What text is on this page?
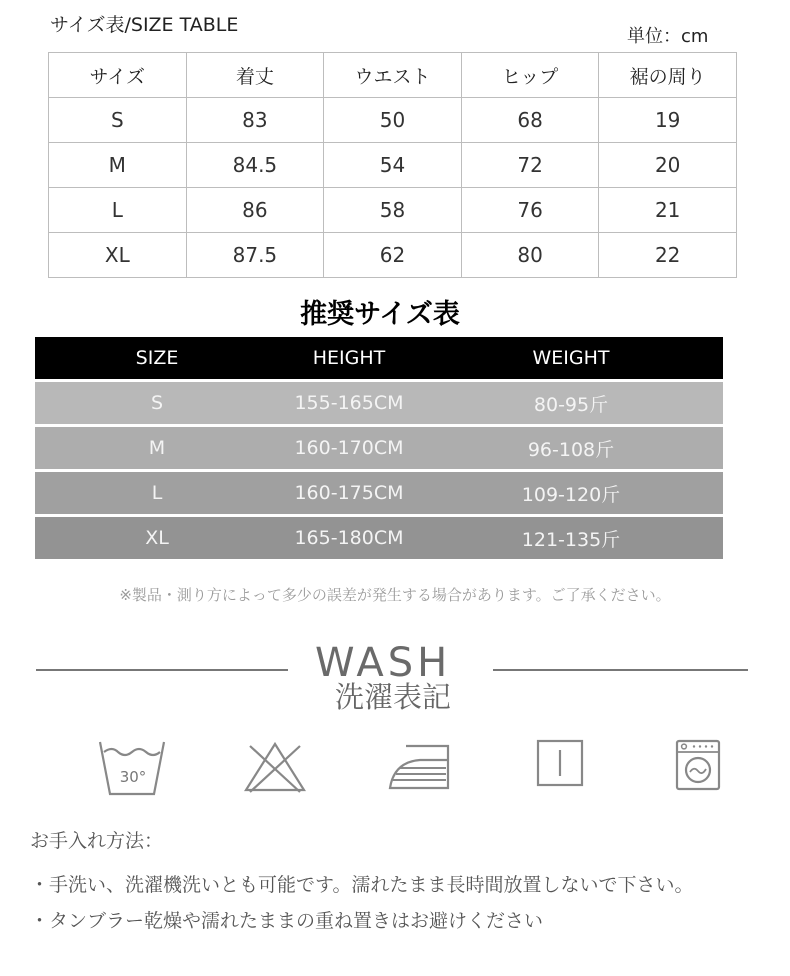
サイズ表/SIZE TABLE
単位：cm
サイズ	着丈	ウエスト	ヒップ	裾の周り
S	83	50	68	19
M	84.5	54	72	20
L	86	58	76	21
XL	87.5	62	80	22
推奨サイズ表
SIZE	HEIGHT	WEIGHT
S	155-165CM	80-95斤
M	160-170CM	96-108斤
L	160-175CM	109-120斤
XL	165-180CM	121-135斤
※製品・測り方によって多少の誤差が発生する場合があります。ご了承ください。
WASH
洗濯表記
30°
お手入れ方法：
・手洗い、洗濯機洗いとも可能です。濡れたまま長時間放置しないで下さい。
・タンブラー乾燥や濡れたままの重ね置きはお避けください
